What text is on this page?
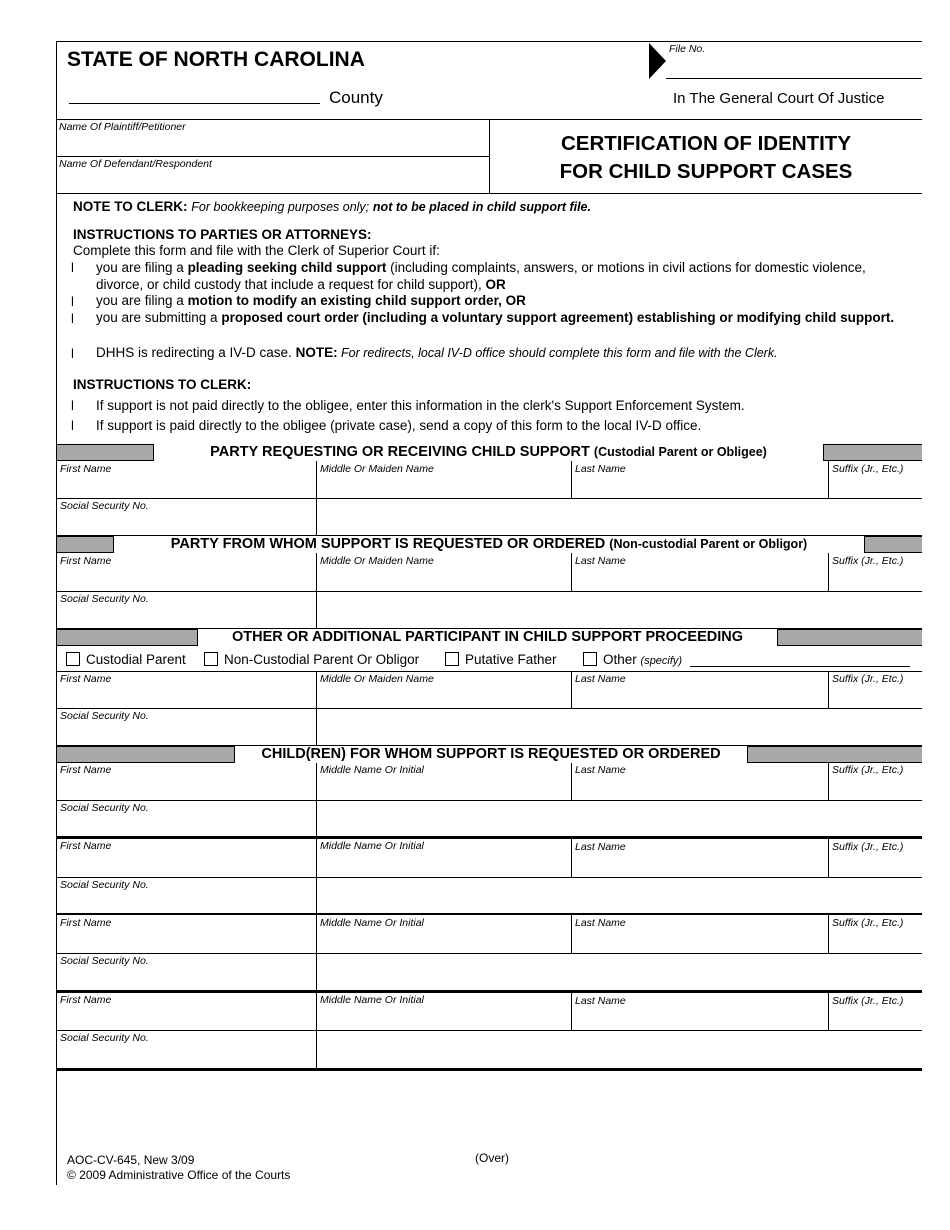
STATE OF NORTH CAROLINA
County
File No.
In The General Court Of Justice
Name Of Plaintiff/Petitioner
Name Of Defendant/Respondent
CERTIFICATION OF IDENTITY
FOR CHILD SUPPORT CASES
NOTE TO CLERK: For bookkeeping purposes only; not to be placed in child support file.
INSTRUCTIONS TO PARTIES OR ATTORNEYS:
Complete this form and file with the Clerk of Superior Court if:
l you are filing a pleading seeking child support (including complaints, answers, or motions in civil actions for domestic violence, divorce, or child custody that include a request for child support), OR
l you are filing a motion to modify an existing child support order, OR
l you are submitting a proposed court order (including a voluntary support agreement) establishing or modifying child support.
l DHHS is redirecting a IV-D case. NOTE: For redirects, local IV-D office should complete this form and file with the Clerk.
INSTRUCTIONS TO CLERK:
l If support is not paid directly to the obligee, enter this information in the clerk's Support Enforcement System.
l If support is paid directly to the obligee (private case), send a copy of this form to the local IV-D office.
PARTY REQUESTING OR RECEIVING CHILD SUPPORT (Custodial Parent or Obligee)
First Name	Middle Or Maiden Name	Last Name	Suffix (Jr., Etc.)
Social Security No.
PARTY FROM WHOM SUPPORT IS REQUESTED OR ORDERED (Non-custodial Parent or Obligor)
First Name	Middle Or Maiden Name	Last Name	Suffix (Jr., Etc.)
Social Security No.
OTHER OR ADDITIONAL PARTICIPANT IN CHILD SUPPORT PROCEEDING
Custodial Parent	Non-Custodial Parent Or Obligor	Putative Father	Other (specify)
First Name	Middle Or Maiden Name	Last Name	Suffix (Jr., Etc.)
Social Security No.
CHILD(REN) FOR WHOM SUPPORT IS REQUESTED OR ORDERED
First Name	Middle Name Or Initial	Last Name	Suffix (Jr., Etc.)
Social Security No.
First Name	Middle Name Or Initial	Last Name	Suffix (Jr., Etc.)
Social Security No.
First Name	Middle Name Or Initial	Last Name	Suffix (Jr., Etc.)
Social Security No.
First Name	Middle Name Or Initial	Last Name	Suffix (Jr., Etc.)
Social Security No.
AOC-CV-645, New 3/09
© 2009 Administrative Office of the Courts
(Over)
